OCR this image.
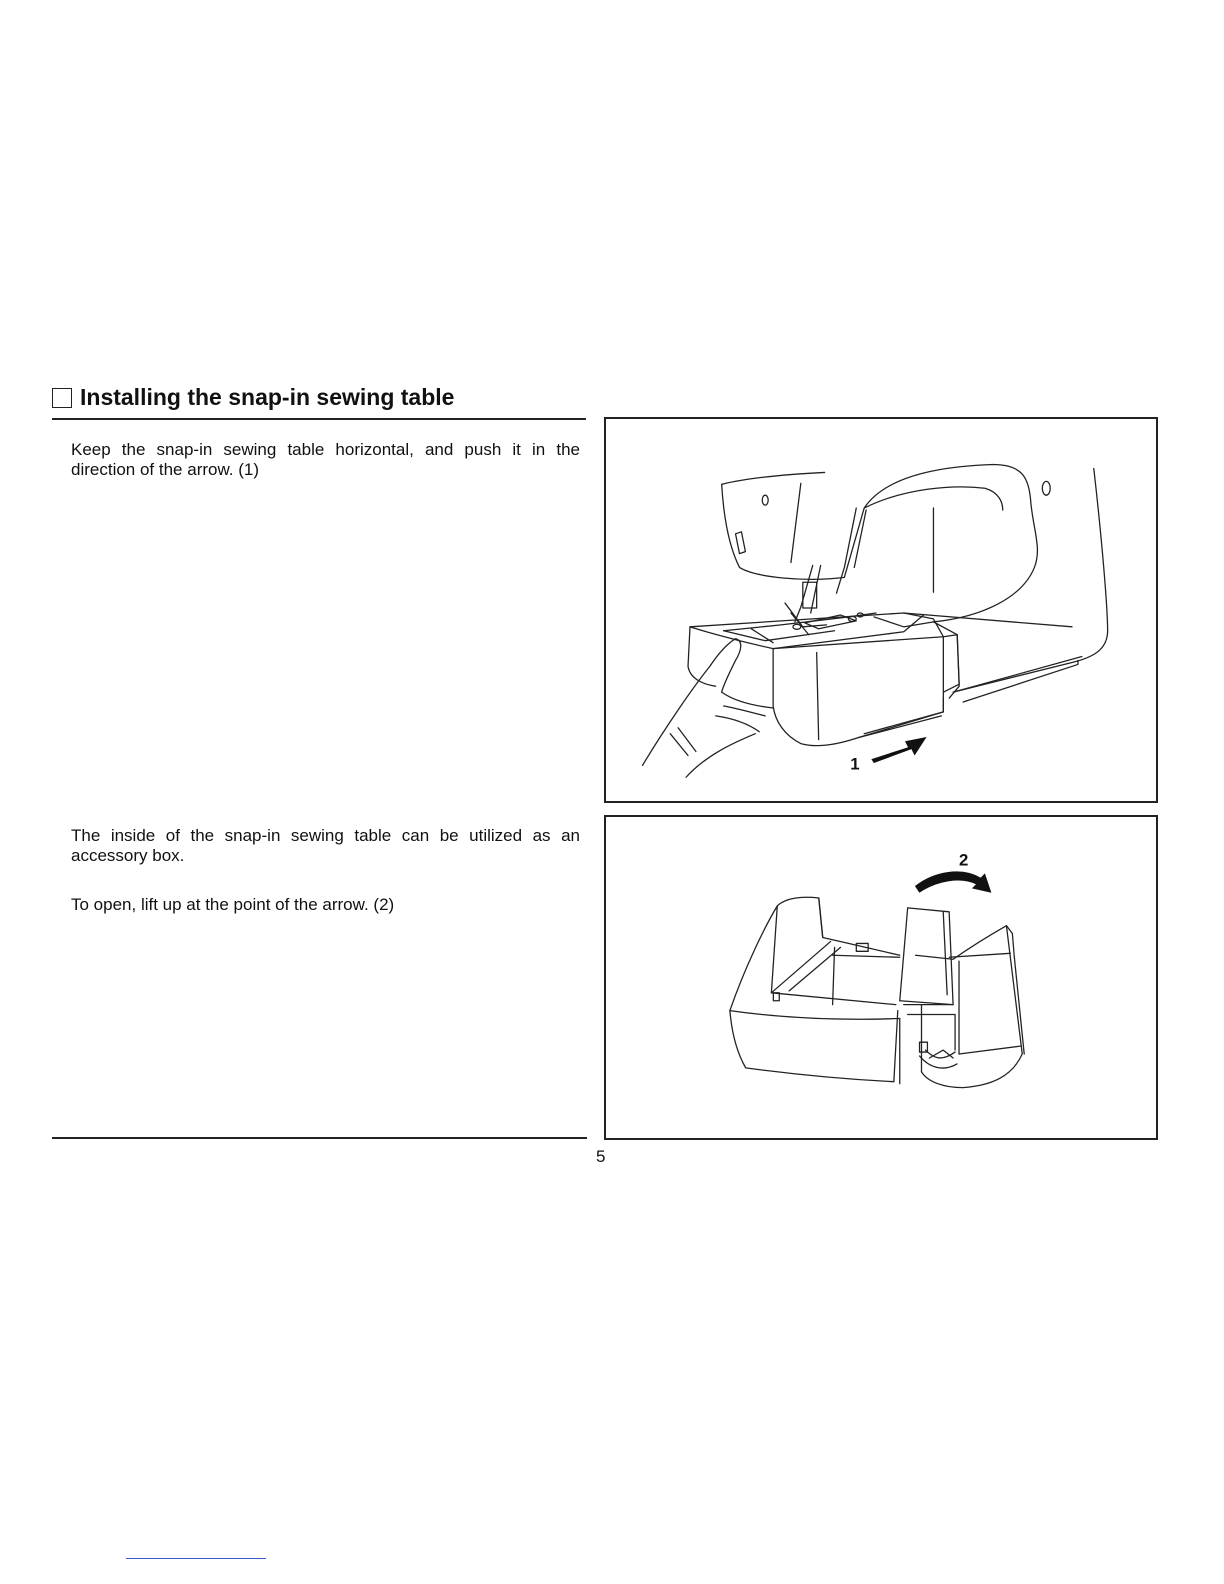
Installing the snap-in sewing table
Keep the snap-in sewing table horizontal, and push it in the direction of the arrow. (1)
The inside of the snap-in sewing table can be utilized as an accessory box.
To open, lift up at the point of the arrow. (2)
1
2
5
